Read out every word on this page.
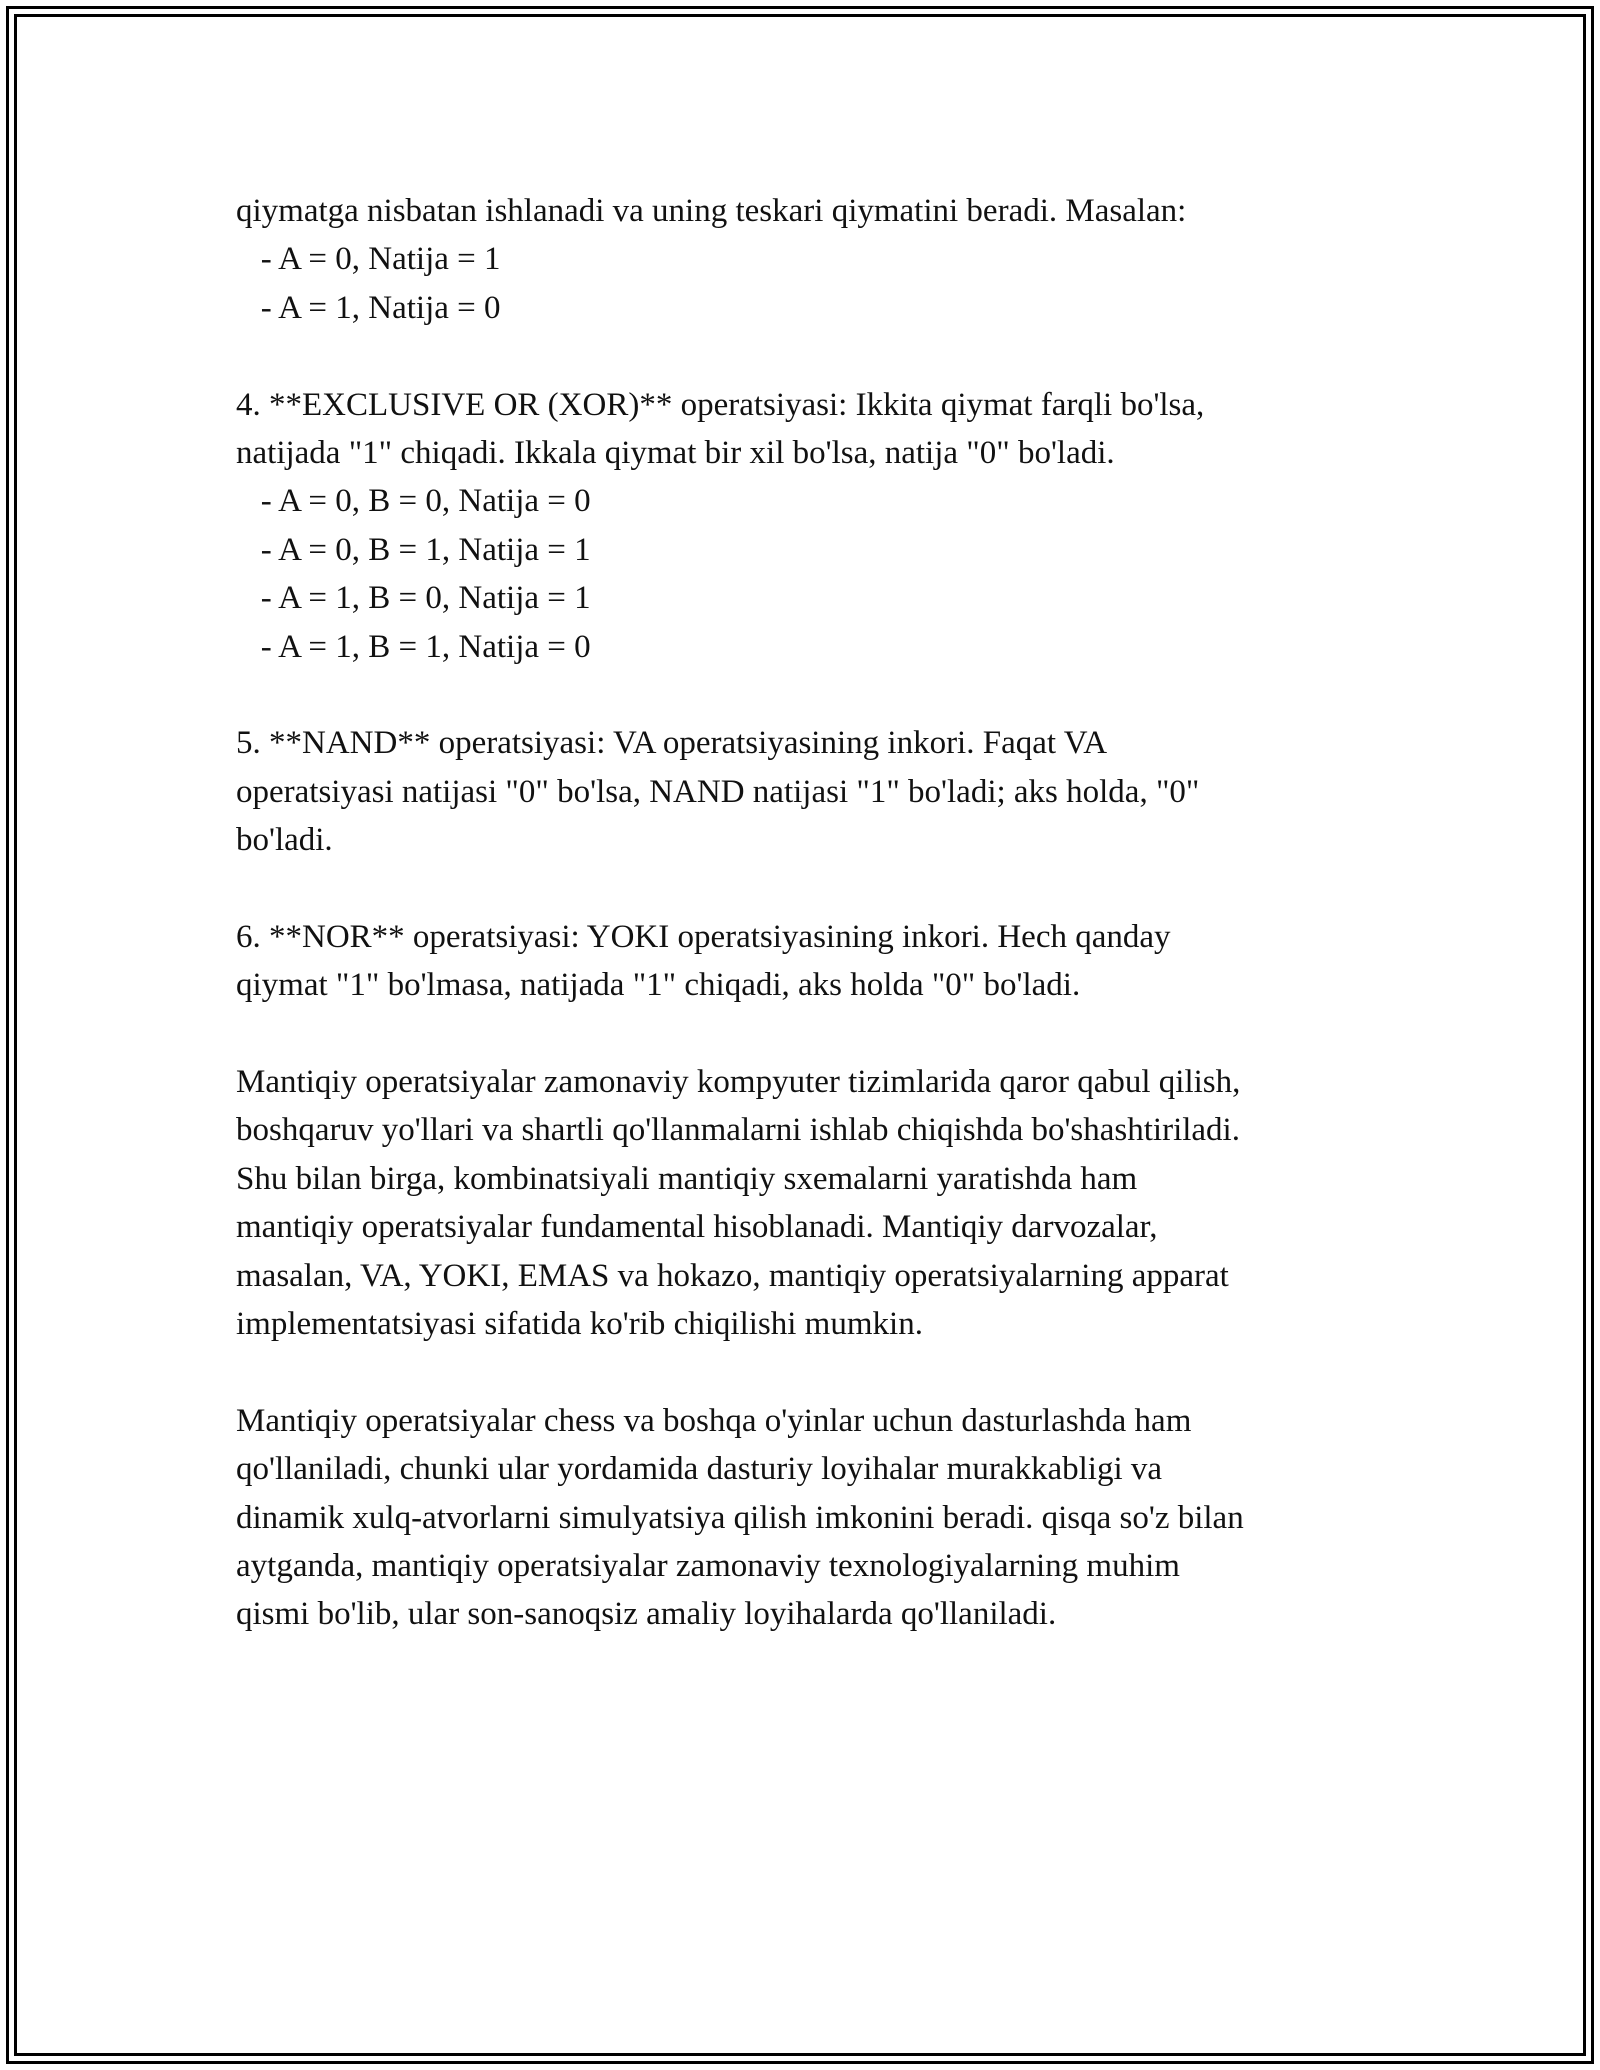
qiymatga nisbatan ishlanadi va uning teskari qiymatini beradi. Masalan:
- A = 0, Natija = 1
- A = 1, Natija = 0
4. **EXCLUSIVE OR (XOR)** operatsiyasi: Ikkita qiymat farqli bo'lsa,
natijada "1" chiqadi. Ikkala qiymat bir xil bo'lsa, natija "0" bo'ladi.
- A = 0, B = 0, Natija = 0
- A = 0, B = 1, Natija = 1
- A = 1, B = 0, Natija = 1
- A = 1, B = 1, Natija = 0
5. **NAND** operatsiyasi: VA operatsiyasining inkori. Faqat VA
operatsiyasi natijasi "0" bo'lsa, NAND natijasi "1" bo'ladi; aks holda, "0"
bo'ladi.
6. **NOR** operatsiyasi: YOKI operatsiyasining inkori. Hech qanday
qiymat "1" bo'lmasa, natijada "1" chiqadi, aks holda "0" bo'ladi.
Mantiqiy operatsiyalar zamonaviy kompyuter tizimlarida qaror qabul qilish,
boshqaruv yo'llari va shartli qo'llanmalarni ishlab chiqishda bo'shashtiriladi.
Shu bilan birga, kombinatsiyali mantiqiy sxemalarni yaratishda ham
mantiqiy operatsiyalar fundamental hisoblanadi. Mantiqiy darvozalar,
masalan, VA, YOKI, EMAS va hokazo, mantiqiy operatsiyalarning apparat
implementatsiyasi sifatida ko'rib chiqilishi mumkin.
Mantiqiy operatsiyalar chess va boshqa o'yinlar uchun dasturlashda ham
qo'llaniladi, chunki ular yordamida dasturiy loyihalar murakkabligi va
dinamik xulq-atvorlarni simulyatsiya qilish imkonini beradi. qisqa so'z bilan
aytganda, mantiqiy operatsiyalar zamonaviy texnologiyalarning muhim
qismi bo'lib, ular son-sanoqsiz amaliy loyihalarda qo'llaniladi.
